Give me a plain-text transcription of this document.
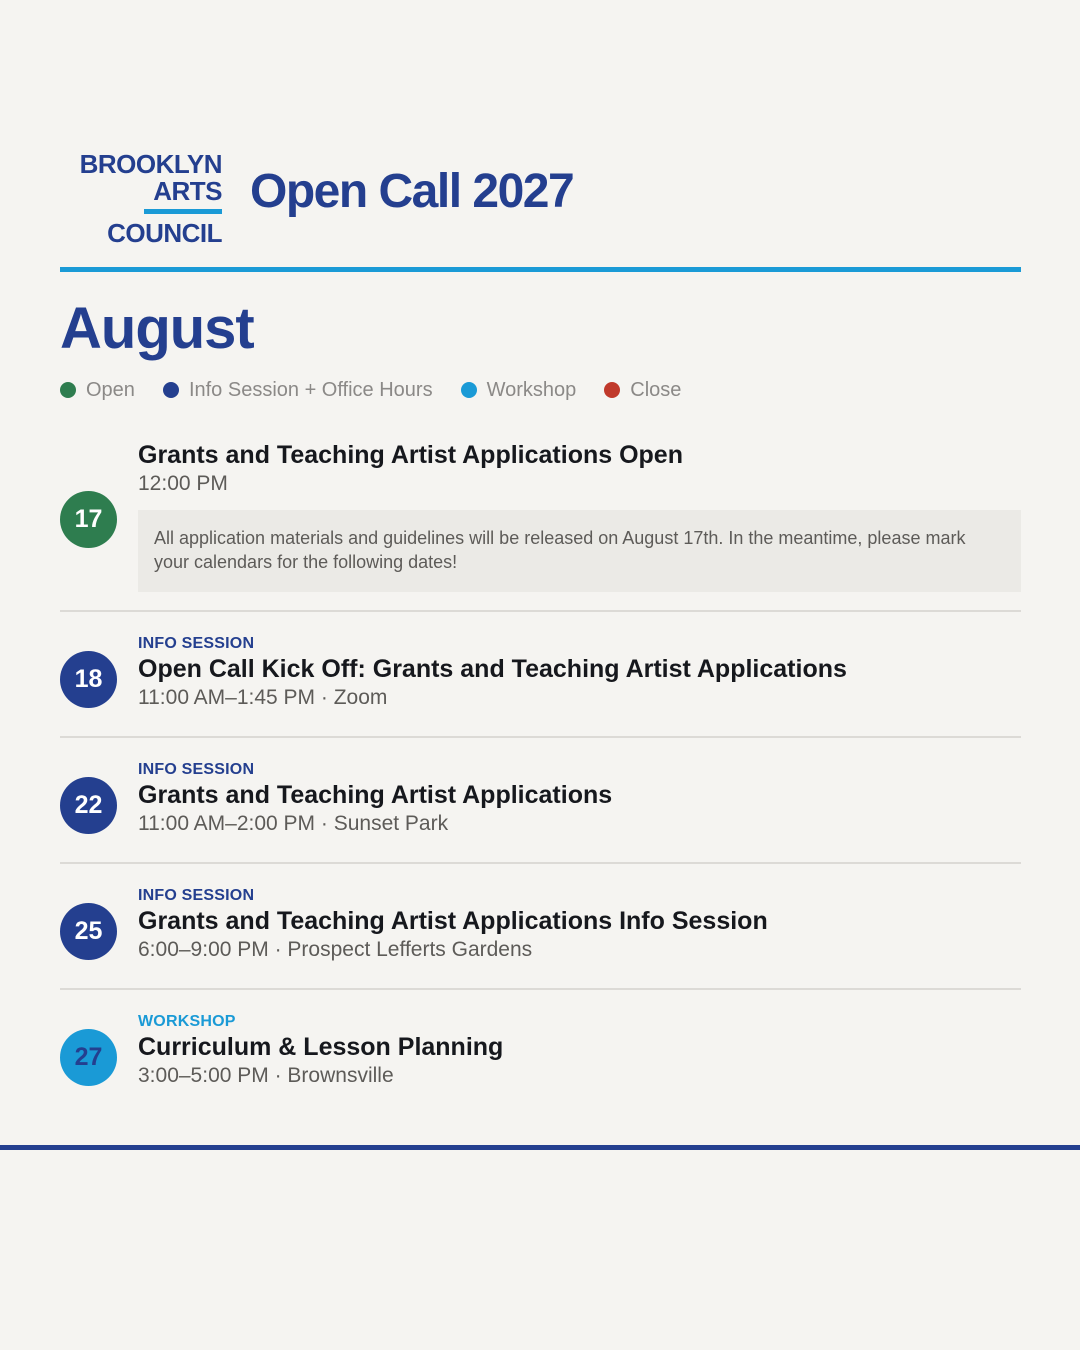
BROOKLYN
ARTS
COUNCIL
Open Call 2027
August
Open	Info Session + Office Hours	Workshop	Close
17
Grants and Teaching Artist Applications Open
12:00 PM
All application materials and guidelines will be released on August 17th. In the meantime, please mark your calendars for the following dates!
18
INFO SESSION
Open Call Kick Off: Grants and Teaching Artist Applications
11:00 AM–1:45 PM · Zoom
22
INFO SESSION
Grants and Teaching Artist Applications
11:00 AM–2:00 PM · Sunset Park
25
INFO SESSION
Grants and Teaching Artist Applications Info Session
6:00–9:00 PM · Prospect Lefferts Gardens
27
WORKSHOP
Curriculum & Lesson Planning
3:00–5:00 PM · Brownsville
